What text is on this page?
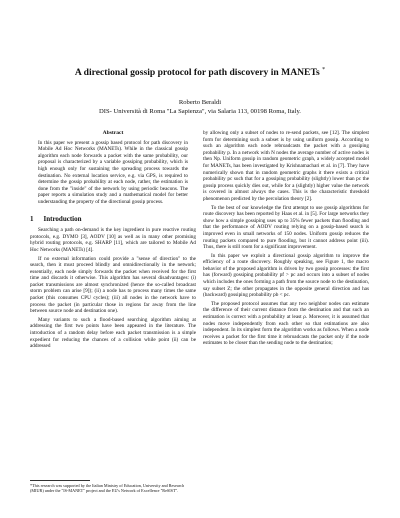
A directional gossip protocol for path discovery in MANETs *
Roberto Beraldi
DIS- Università di Roma "La Sapienza", via Salaria 113, 00198 Roma, Italy.
Abstract
In this paper we present a gossip based protocol for path discovery in Mobile Ad Hoc Networks (MANETs). While in the classical gossip algorithm each node forwards a packet with the same probability, our proposal is characterized by a variable gossiping probability, which is high enough only for sustaining the spreading process towards the destination. No external location service, e.g. via GPS, is required to determine the gossip probability at each node, rather, the estimation is done from the "inside" of the network by using periodic beacons. The paper reports a simulation study and a mathematical model for better understanding the property of the directional gossip process.
1 Introduction

Searching a path on-demand is the key ingredient in pure reactive routing protocols, e.g. DYMO [3], AODV [10] as well as in many other promising hybrid routing protocols, e.g. SHARP [11], which are tailored to Mobile Ad Hoc Networks (MANETs) [4].

If no external information could provide a "sense of direction" to the search, then it must proceed blindly and omnidirectionally in the network; essentially, each node simply forwards the packet when received for the first time and discards it otherwise. This algorithm has several disadvantages: (i) packet transmissions are almost synchronized (hence the so-called broadcast storm problem can arise [9]); (ii) a node has to process many times the same packet (this consumes CPU cycles); (iii) all nodes in the network have to process the packet (in particular those in regions far away from the line between source node and destination one).

Many variants to such a flood-based searching algorithm aiming at addressing the first two points have been appeared in the literature. The introduction of a random delay before each packet transmission is a simple expedient for reducing the chances of a collision while point (ii) can be addressed

by allowing only a subset of nodes to re-send packets, see [12]. The simplest form for determining such a subset is by using uniform gossip. According to such an algorithm each node rebroadcasts the packet with a gossiping probability p. In a network with N nodes the average number of active nodes is then Np. Uniform gossip in random geometric graph, a widely accepted model for MANETs, has been investigated by Krishnamachari et al. in [7]. They have numerically shown that in random geometric graphs it there exists a critical probability pc such that for a gossiping probability (slightly) lower than pc the gossip process quickly dies out, while for a (slightly) higher value the network is covered in almost always the cases. This is the characteristic threshold phenomenon predicted by the percolation theory [2].

To the best of our knowledge the first attempt to use gossip algorithms for route discovery has been reported by Haas et al. in [5]. For large networks they show how a simple gossiping uses up to 35% fewer packets than flooding and that the performance of AODV routing relying on a gossip-based search is improved even in small networks of 150 nodes. Uniform gossip reduces the routing packets compared to pure flooding, but it cannot address point (iii). Thus, there is still room for a significant improvement.

In this paper we exploit a directional gossip algorithm to improve the efficiency of a route discovery. Roughly speaking, see Figure 1, the macro behavior of the proposed algorithm is driven by two gossip processes: the first has (forward) gossiping probability pf > pc and occurs into a subset of nodes which includes the ones forming a path from the source node to the destination, say subset Z; the other propagates in the opposite general direction and has (backward) gossiping probability pb < pc.

The proposed protocol assumes that any two neighbor nodes can estimate the difference of their current distance from the destination and that such an estimation is correct with a probability at least ρ. Moreover, it is assumed that nodes move independently from each other so that estimations are also independent. In its simplest form the algorithm works as follows. When a node receives a packet for the first time it rebroadcasts the packet only if the node estimates to be closer than the sending node to the destination;

*This research was supported by the Italian Ministry of Education, University and Research (MIUR) under the "IS-MANET" project and the EU's Network of Excellence "ReSIST".
